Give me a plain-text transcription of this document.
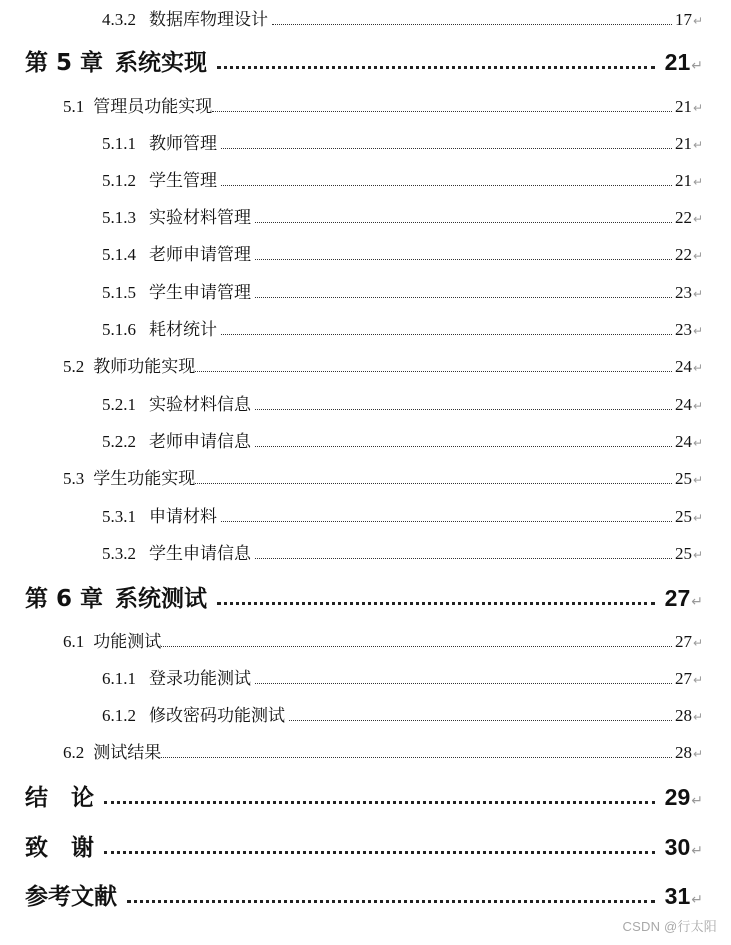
4.3.2 数据库物理设计	17 ↵
第 5 章 系统实现	21 ↵
5.1 管理员功能实现	21 ↵
5.1.1 教师管理	21 ↵
5.1.2 学生管理	21 ↵
5.1.3 实验材料管理	22 ↵
5.1.4 老师申请管理	22 ↵
5.1.5 学生申请管理	23 ↵
5.1.6 耗材统计	23 ↵
5.2 教师功能实现	24 ↵
5.2.1 实验材料信息	24 ↵
5.2.2 老师申请信息	24 ↵
5.3 学生功能实现	25 ↵
5.3.1 申请材料	25 ↵
5.3.2 学生申请信息	25 ↵
第 6 章 系统测试	27 ↵
6.1 功能测试	27 ↵
6.1.1 登录功能测试	27 ↵
6.1.2 修改密码功能测试	28 ↵
6.2 测试结果	28 ↵
结　论	29 ↵
致　谢	30 ↵
参考文献	31 ↵
CSDN @行太阳
